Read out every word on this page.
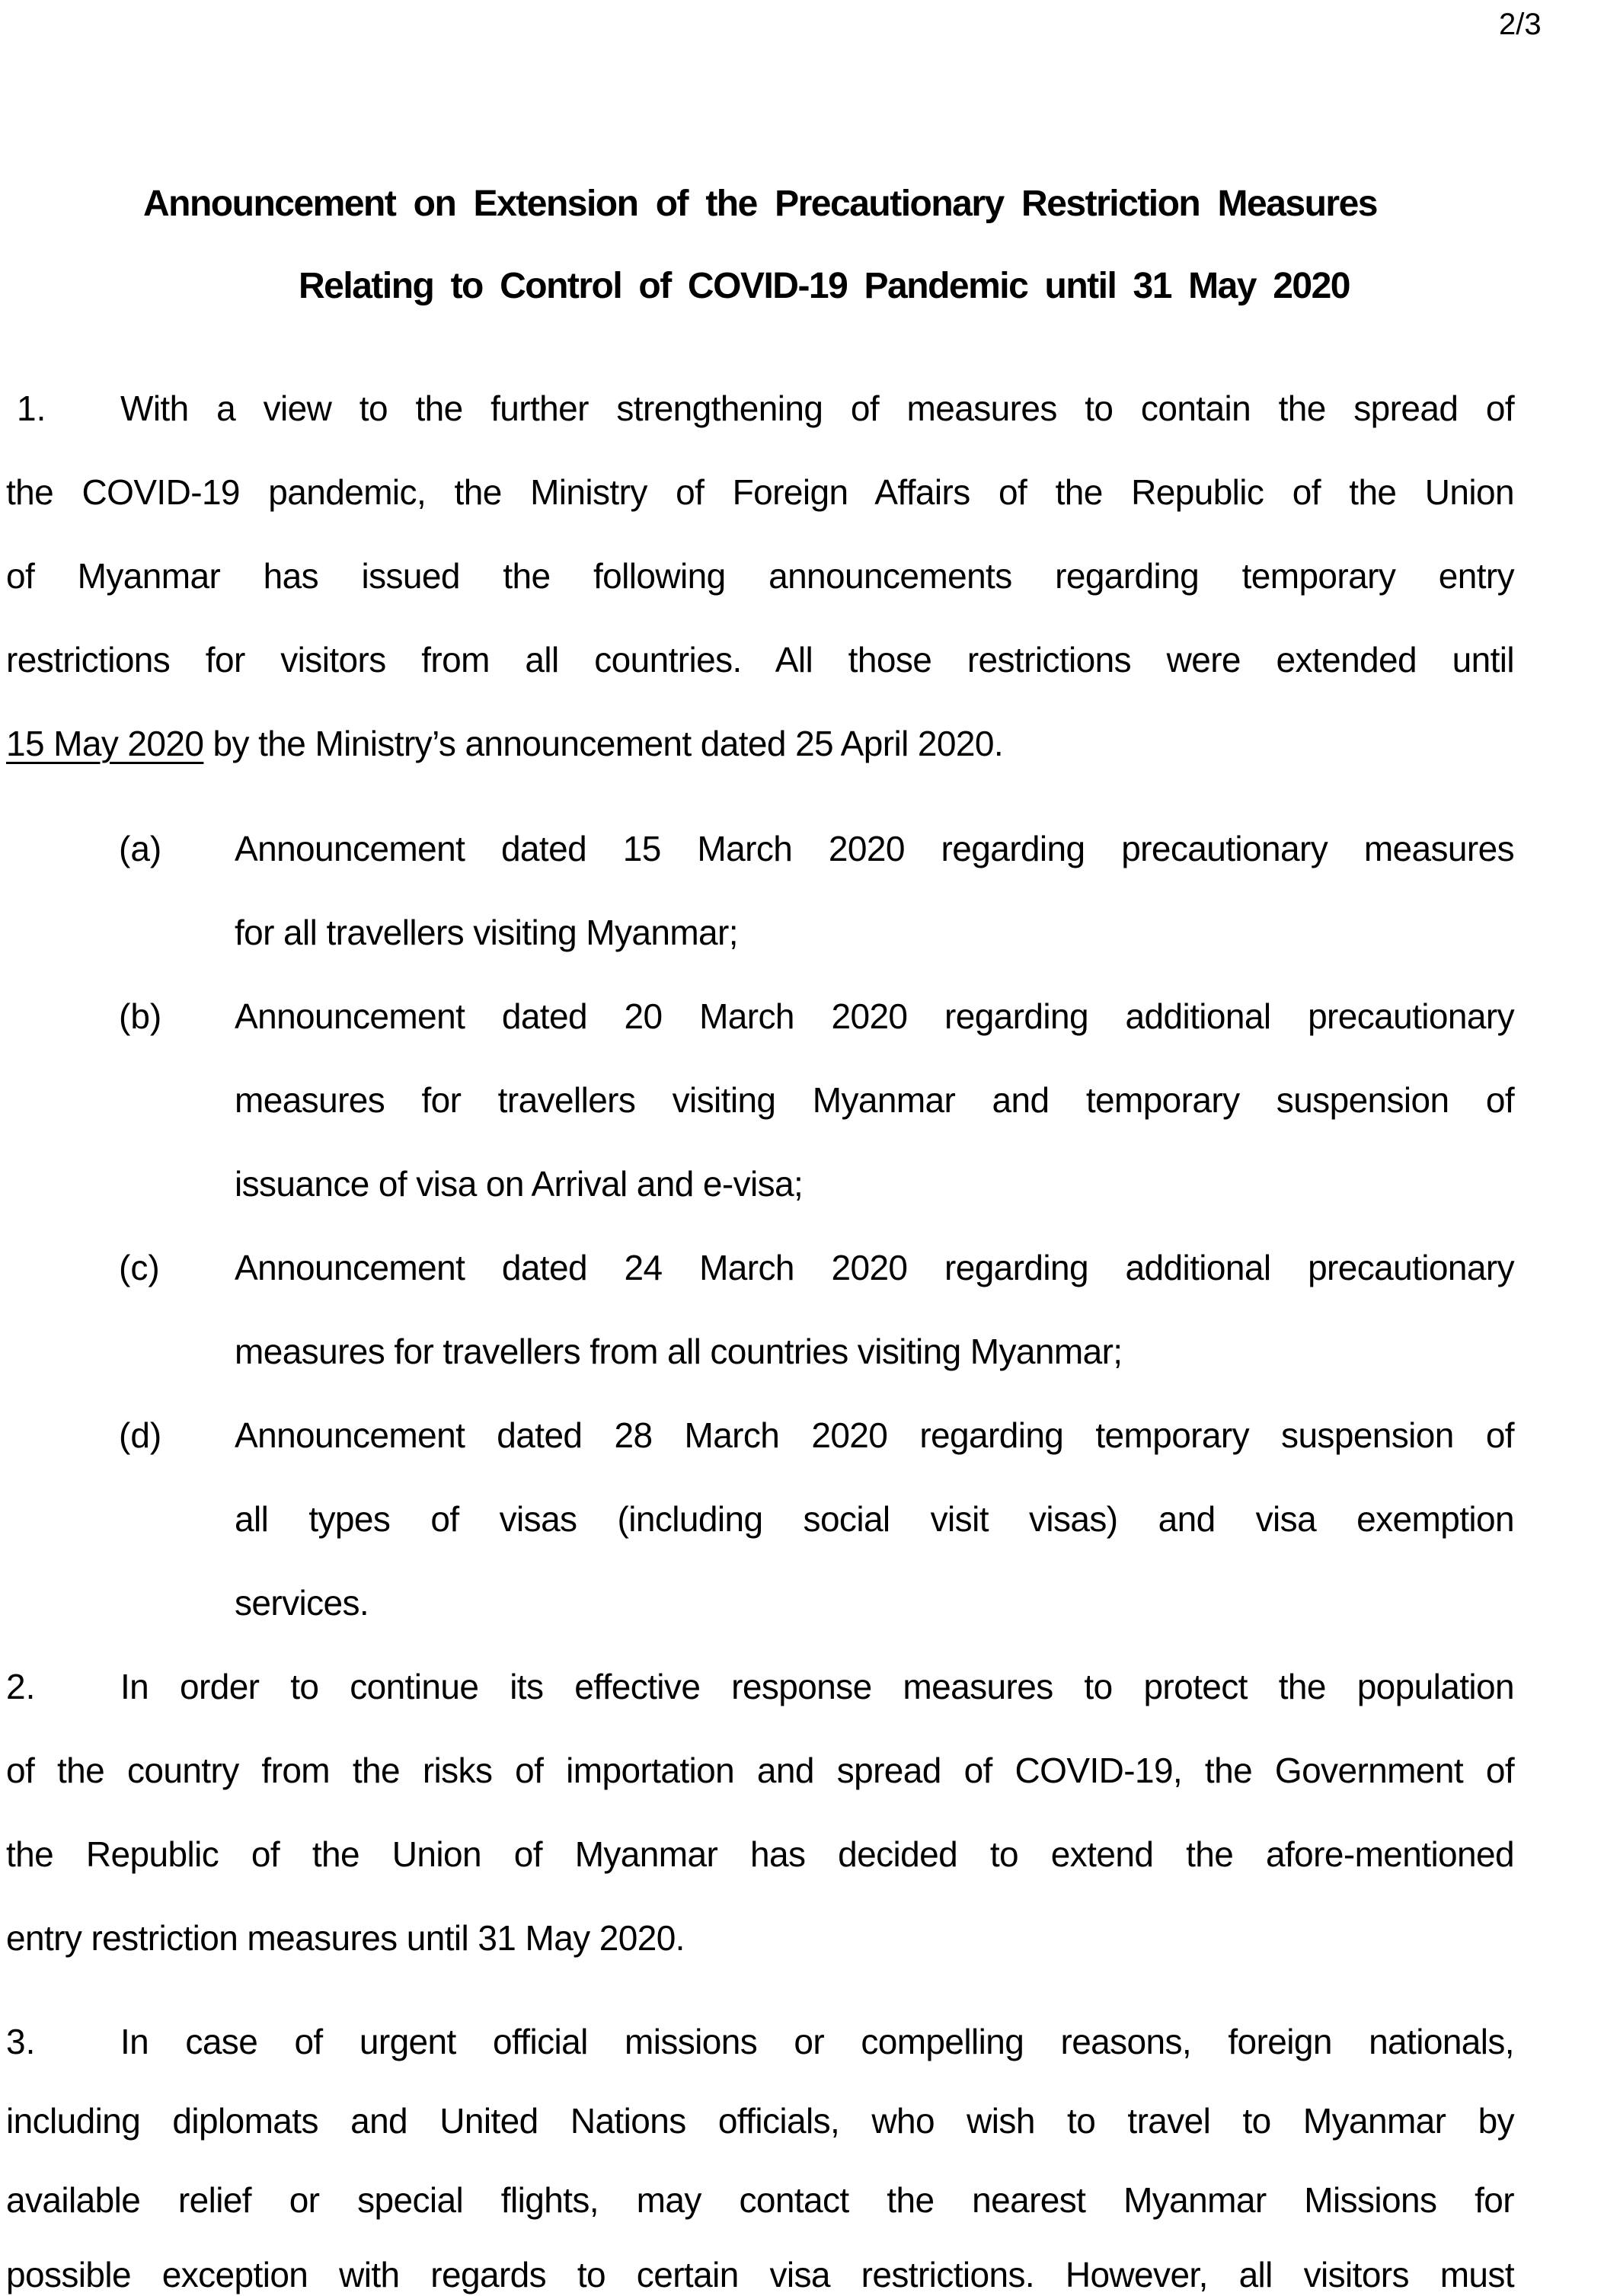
2/3
Announcement on Extension of the Precautionary Restriction Measures
Relating to Control of COVID-19 Pandemic until 31 May 2020
1. With a view to the further strengthening of measures to contain the spread of
the COVID-19 pandemic, the Ministry of Foreign Affairs of the Republic of the Union
of Myanmar has issued the following announcements regarding temporary entry
restrictions for visitors from all countries. All those restrictions were extended until
15 May 2020 by the Ministry’s announcement dated 25 April 2020.
(a) Announcement dated 15 March 2020 regarding precautionary measures
for all travellers visiting Myanmar;
(b) Announcement dated 20 March 2020 regarding additional precautionary
measures for travellers visiting Myanmar and temporary suspension of
issuance of visa on Arrival and e-visa;
(c) Announcement dated 24 March 2020 regarding additional precautionary
measures for travellers from all countries visiting Myanmar;
(d) Announcement dated 28 March 2020 regarding temporary suspension of
all types of visas (including social visit visas) and visa exemption
services.
2. In order to continue its effective response measures to protect the population
of the country from the risks of importation and spread of COVID-19, the Government of
the Republic of the Union of Myanmar has decided to extend the afore-mentioned
entry restriction measures until 31 May 2020.
3. In case of urgent official missions or compelling reasons, foreign nationals,
including diplomats and United Nations officials, who wish to travel to Myanmar by
available relief or special flights, may contact the nearest Myanmar Missions for
possible exception with regards to certain visa restrictions. However, all visitors must
